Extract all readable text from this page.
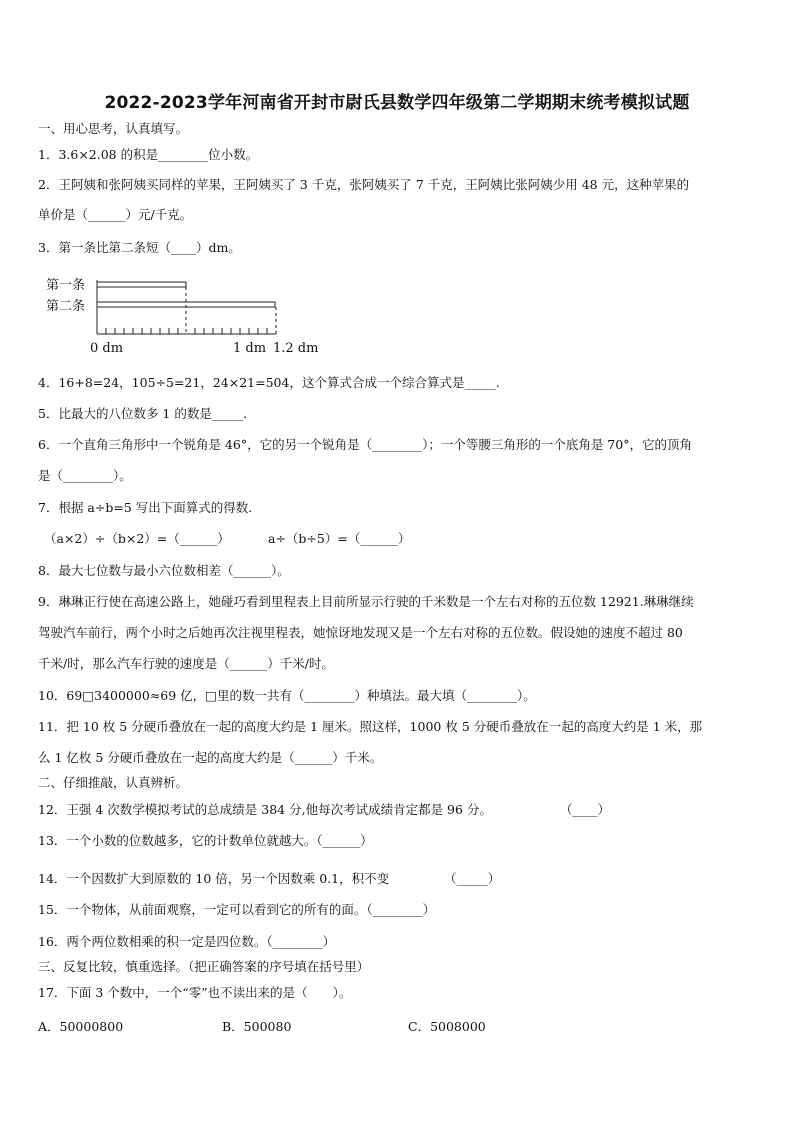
2022-2023学年河南省开封市尉氏县数学四年级第二学期期末统考模拟试题
一、用心思考，认真填写。
1．3.6×2.08 的积是________位小数。
2．王阿姨和张阿姨买同样的苹果，王阿姨买了 3 千克，张阿姨买了 7 千克，王阿姨比张阿姨少用 48 元，这种苹果的
单价是（______）元/千克。
3．第一条比第二条短（____）dm。
第一条
第二条
0 dm	1 dm 1.2 dm
4．16+8=24，105÷5=21，24×21=504，这个算式合成一个综合算式是_____.
5．比最大的八位数多 1 的数是_____.
6．一个直角三角形中一个锐角是 46°，它的另一个锐角是（________）；一个等腰三角形的一个底角是 70°，它的顶角
是（________）。
7．根据 a÷b=5 写出下面算式的得数．
（a×2）÷（b×2）=（______）	a÷（b÷5）=（______）
8．最大七位数与最小六位数相差（______）。
9．琳琳正行使在高速公路上，她碰巧看到里程表上目前所显示行驶的千米数是一个左右对称的五位数 12921.琳琳继续
驾驶汽车前行，两个小时之后她再次注视里程表，她惊讶地发现又是一个左右对称的五位数。假设她的速度不超过 80
千米/时，那么汽车行驶的速度是（______）千米/时。
10．69□3400000≈69 亿，□里的数一共有（________）种填法。最大填（________）。
11．把 10 枚 5 分硬币叠放在一起的高度大约是 1 厘米。照这样，1000 枚 5 分硬币叠放在一起的高度大约是 1 米，那
么 1 亿枚 5 分硬币叠放在一起的高度大约是（______）千米。
二、仔细推敲，认真辨析。
12．王强 4 次数学模拟考试的总成绩是 384 分,他每次考试成绩肯定都是 96 分。	（____）
13．一个小数的位数越多，它的计数单位就越大。（______）
14．一个因数扩大到原数的 10 倍，另一个因数乘 0.1，积不变	（_____）
15．一个物体，从前面观察，一定可以看到它的所有的面。（________）
16．两个两位数相乘的积一定是四位数。（________）
三、反复比较，慎重选择。（把正确答案的序号填在括号里）
17．下面 3 个数中，一个“零”也不读出来的是（　　）。
A．50000800	B．500080	C．5008000
